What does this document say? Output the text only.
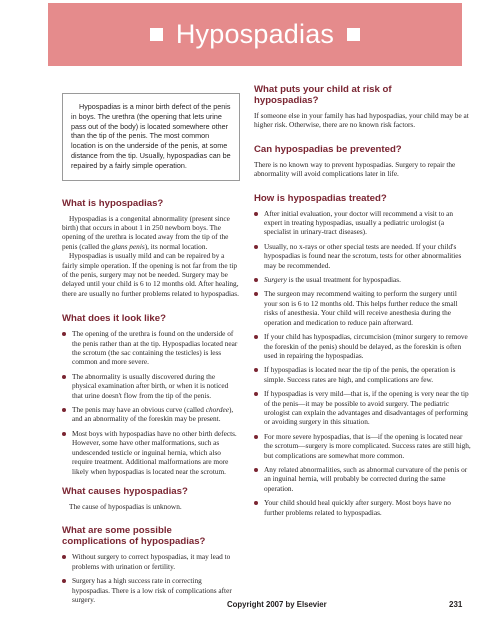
Hypospadias

Hypospadias is a minor birth defect of the penis in boys. The urethra (the opening that lets urine pass out of the body) is located somewhere other than the tip of the penis. The most common location is on the underside of the penis, at some distance from the tip. Usually, hypospadias can be repaired by a fairly simple operation.

What is hypospadias?

Hypospadias is a congenital abnormality (present since birth) that occurs in about 1 in 250 newborn boys. The opening of the urethra is located away from the tip of the penis (called the glans penis), its normal location.

Hypospadias is usually mild and can be repaired by a fairly simple operation. If the opening is not far from the tip of the penis, surgery may not be needed. Surgery may be delayed until your child is 6 to 12 months old. After healing, there are usually no further problems related to hypospadias.

What does it look like?
The opening of the urethra is found on the underside of the penis rather than at the tip. Hypospadias located near the scrotum (the sac containing the testicles) is less common and more severe.
The abnormality is usually discovered during the physical examination after birth, or when it is noticed that urine doesn't flow from the tip of the penis.
The penis may have an obvious curve (called chordee), and an abnormality of the foreskin may be present.
Most boys with hypospadias have no other birth defects. However, some have other malformations, such as undescended testicle or inguinal hernia, which also require treatment. Additional malformations are more likely when hypospadias is located near the scrotum.
What causes hypospadias?

The cause of hypospadias is unknown.

What are some possible
complications of hypospadias?
Without surgery to correct hypospadias, it may lead to problems with urination or fertility.
Surgery has a high success rate in correcting hypospadias. There is a low risk of complications after surgery.
What puts your child at risk of
hypospadias?

If someone else in your family has had hypospadias, your child may be at higher risk. Otherwise, there are no known risk factors.

Can hypospadias be prevented?

There is no known way to prevent hypospadias. Surgery to repair the abnormality will avoid complications later in life.

How is hypospadias treated?
After initial evaluation, your doctor will recommend a visit to an expert in treating hypospadias, usually a pediatric urologist (a specialist in urinary-tract diseases).
Usually, no x-rays or other special tests are needed. If your child's hypospadias is found near the scrotum, tests for other abnormalities may be recommended.
Surgery is the usual treatment for hypospadias.
The surgeon may recommend waiting to perform the surgery until your son is 6 to 12 months old. This helps further reduce the small risks of anesthesia. Your child will receive anesthesia during the operation and medication to reduce pain afterward.
If your child has hypospadias, circumcision (minor surgery to remove the foreskin of the penis) should be delayed, as the foreskin is often used in repairing the hypospadias.
If hypospadias is located near the tip of the penis, the operation is simple. Success rates are high, and complications are few.
If hypospadias is very mild—that is, if the opening is very near the tip of the penis—it may be possible to avoid surgery. The pediatric urologist can explain the advantages and disadvantages of performing or avoiding surgery in this situation.
For more severe hypospadias, that is—if the opening is located near the scrotum—surgery is more complicated. Success rates are still high, but complications are somewhat more common.
Any related abnormalities, such as abnormal curvature of the penis or an inguinal hernia, will probably be corrected during the same operation.
Your child should heal quickly after surgery. Most boys have no further problems related to hypospadias.
Copyright 2007 by Elsevier	231
